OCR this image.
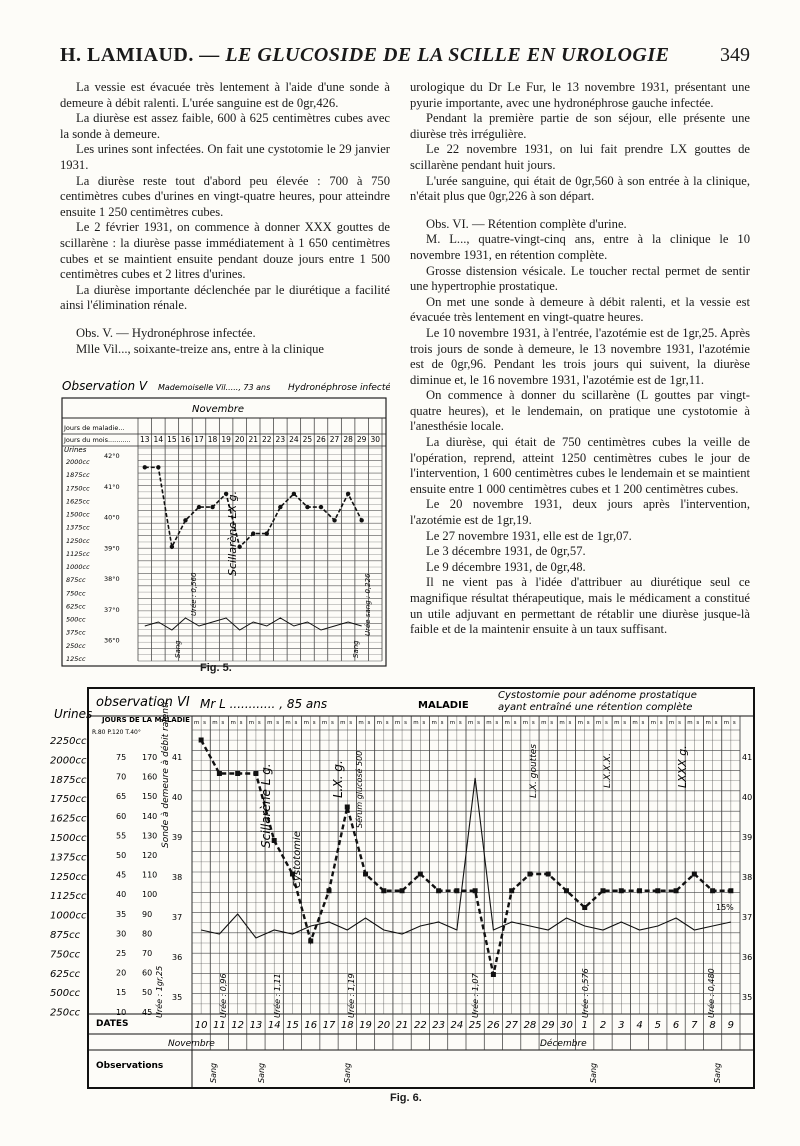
H. LAMIAUD. — LE GLUCOSIDE DE LA SCILLE EN UROLOGIE	349

La vessie est évacuée très lentement à l'aide d'une sonde à demeure à débit ralenti. L'urée sanguine est de 0gr,426.

La diurèse est assez faible, 600 à 625 centimètres cubes avec la sonde à demeure.

Les urines sont infectées. On fait une cystotomie le 29 janvier 1931.

La diurèse reste tout d'abord peu élevée : 700 à 750 centimètres cubes d'urines en vingt-quatre heures, pour atteindre ensuite 1 250 centimètres cubes.

Le 2 février 1931, on commence à donner XXX gouttes de scillarène : la diurèse passe immédiatement à 1 650 centimètres cubes et se maintient ensuite pendant douze jours entre 1 500 centimètres cubes et 2 litres d'urines.

La diurèse importante déclenchée par le diurétique a facilité ainsi l'élimination rénale.

Obs. V. — Hydronéphrose infectée.

Mlle Vil..., soixante-treize ans, entre à la clinique

urologique du Dr Le Fur, le 13 novembre 1931, présentant une pyurie importante, avec une hydronéphrose gauche infectée.

Pendant la première partie de son séjour, elle présente une diurèse très irrégulière.

Le 22 novembre 1931, on lui fait prendre LX gouttes de scillarène pendant huit jours.

L'urée sanguine, qui était de 0gr,560 à son entrée à la clinique, n'était plus que 0gr,226 à son départ.

Obs. VI. — Rétention complète d'urine.

M. L..., quatre-vingt-cinq ans, entre à la clinique le 10 novembre 1931, en rétention complète.

Grosse distension vésicale. Le toucher rectal permet de sentir une hypertrophie prostatique.

On met une sonde à demeure à débit ralenti, et la vessie est évacuée très lentement en vingt-quatre heures.

Le 10 novembre 1931, à l'entrée, l'azotémie est de 1gr,25. Après trois jours de sonde à demeure, le 13 novembre 1931, l'azotémie est de 0gr,96. Pendant les trois jours qui suivent, la diurèse diminue et, le 16 novembre 1931, l'azotémie est de 1gr,11.

On commence à donner du scillarène (L gouttes par vingt-quatre heures), et le lendemain, on pratique une cystotomie à l'anesthésie locale.

La diurèse, qui était de 750 centimètres cubes la veille de l'opération, reprend, atteint 1250 centimètres cubes le jour de l'intervention, 1 600 centimètres cubes le lendemain et se maintient ensuite entre 1 000 centimètres cubes et 1 200 centimètres cubes.

Le 20 novembre 1931, deux jours après l'intervention, l'azotémie est de 1gr,19.

Le 27 novembre 1931, elle est de 1gr,07.

Le 3 décembre 1931, de 0gr,57.

Le 9 décembre 1931, de 0gr,48.

Il ne vient pas à l'idée d'attribuer au diurétique seul ce magnifique résultat thérapeutique, mais le médicament a constitué un utile adjuvant en permettant de rétablir une diurèse jusque-là faible et de la maintenir ensuite à un taux suffisant.

Observation V Mademoiselle Vil....., 73 ans Hydronéphrose infectée
Novembre
Jours de maladie...
Jours du mois...........
Urines
13 14 15 16 17 18 19 20 21 22 23 24 25 26 27 28 29 30
2000cc
1875cc
1750cc
1625cc
1500cc
1375cc
1250cc
1125cc
1000cc
875cc
750cc
625cc
500cc
375cc
250cc
125cc
42°0
41°0
40°0
39°0
38°0
37°0
36°0
Scillarène LX g.
Urée : 0,560	Urée sang : 0,226
Sang	Sang
Fig. 5.
Urines
observation VI Mr L ............ , 85 ans	MALADIE
Cystostomie pour adénome prostatique
ayant entraîné une rétention complète
JOURS DE LA MALADIE
R.80 P.120 T.40°
m s m s m s m s m s m s m s m s m s m s m s m s m s m s m s m s m s m s m s m s m s m s m s m s m s m s m s m s m s m s
2250cc
2000cc
1875cc
1750cc
1625cc
1500cc
1375cc
1250cc
1125cc
1000cc
875cc
750cc
625cc
500cc
250cc
75
70
65
60
55
50
45
40
35
30
25
20
15
10
170
160
150
140
130
120
110
100
90
80
70
60
50
45
41
40
39
38
37
36
35
41
40
39
38
37
36
35
10 11 12 13 14 15 16 17 18 19 20 21 22 23 24 25 26 27 28 29 30 1 2 3 4 5 6 7 8 9
Sonde à demeure à débit ralenti	Scillarène L g.
Cystotomie
L.X. g. Sérum glucosé 500
Urée : 1gr,25	Urée : 0,96	Urée : 1,11	Urée : 1,19	Urée : 1,07	Urée : 0,576	Urée : 0,480
L.X. gouttes	LXXX g.
L.X.X.X.
Sang	Sang	Sang	Sang	Sang
15%
DATES
Novembre	Décembre
Observations
Fig. 6.
